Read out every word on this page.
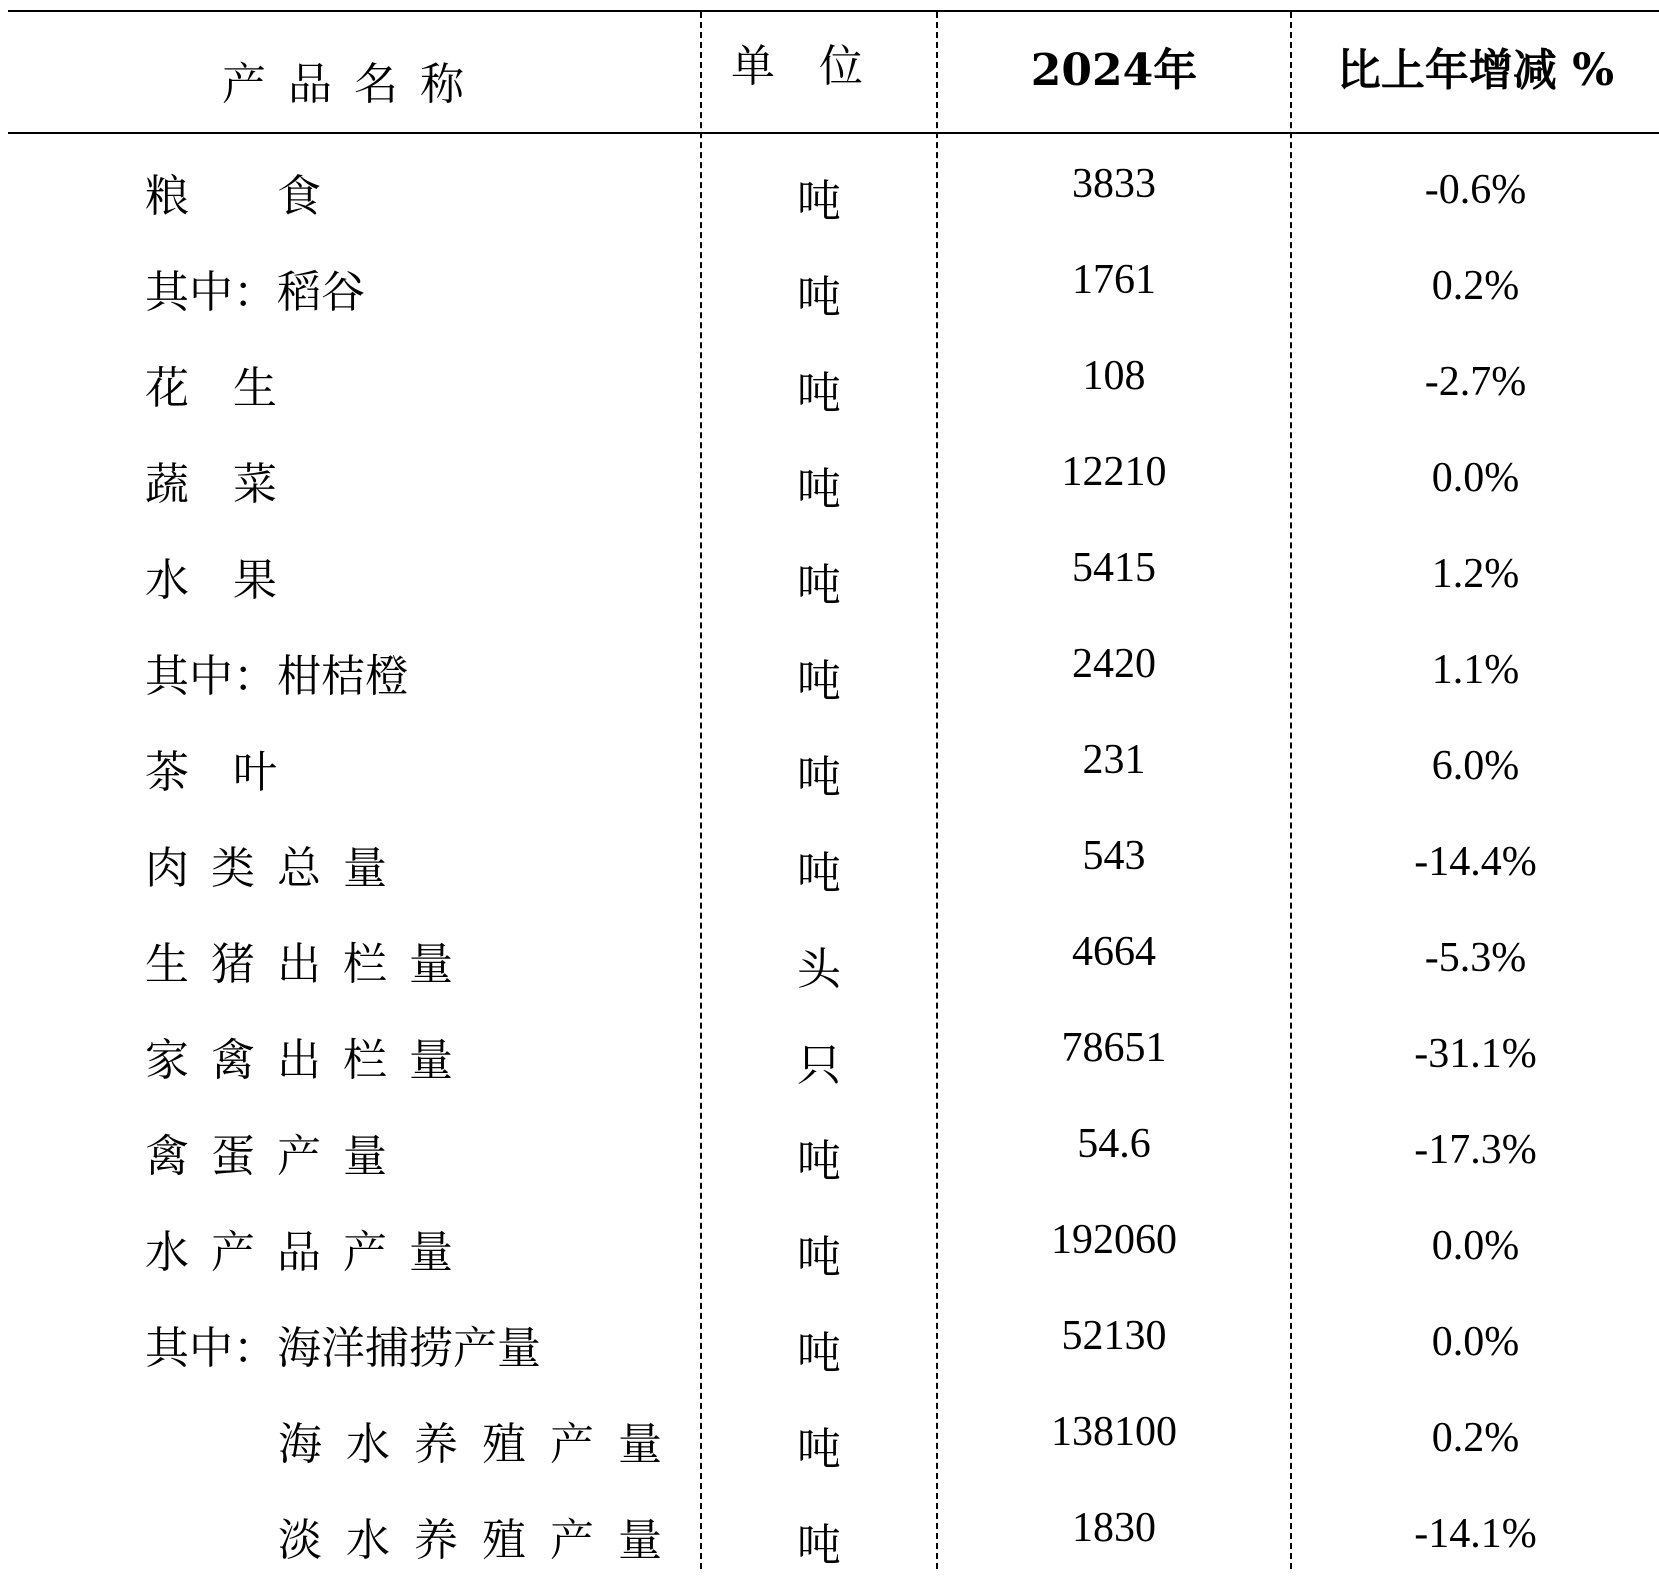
产品名称	单位	2024年	比上年增减 %
粮　　食	吨	3833	-0.6%
其中：稻谷	吨	1761	0.2%
花　生	吨	108	-2.7%
蔬　菜	吨	12210	0.0%
水　果	吨	5415	1.2%
其中：柑桔橙	吨	2420	1.1%
茶　叶	吨	231	6.0%
肉类总量	吨	543	-14.4%
生猪出栏量	头	4664	-5.3%
家禽出栏量	只	78651	-31.1%
禽蛋产量	吨	54.6	-17.3%
水产品产量	吨	192060	0.0%
其中：海洋捕捞产量	吨	52130	0.0%
海水养殖产量	吨	138100	0.2%
淡水养殖产量	吨	1830	-14.1%
